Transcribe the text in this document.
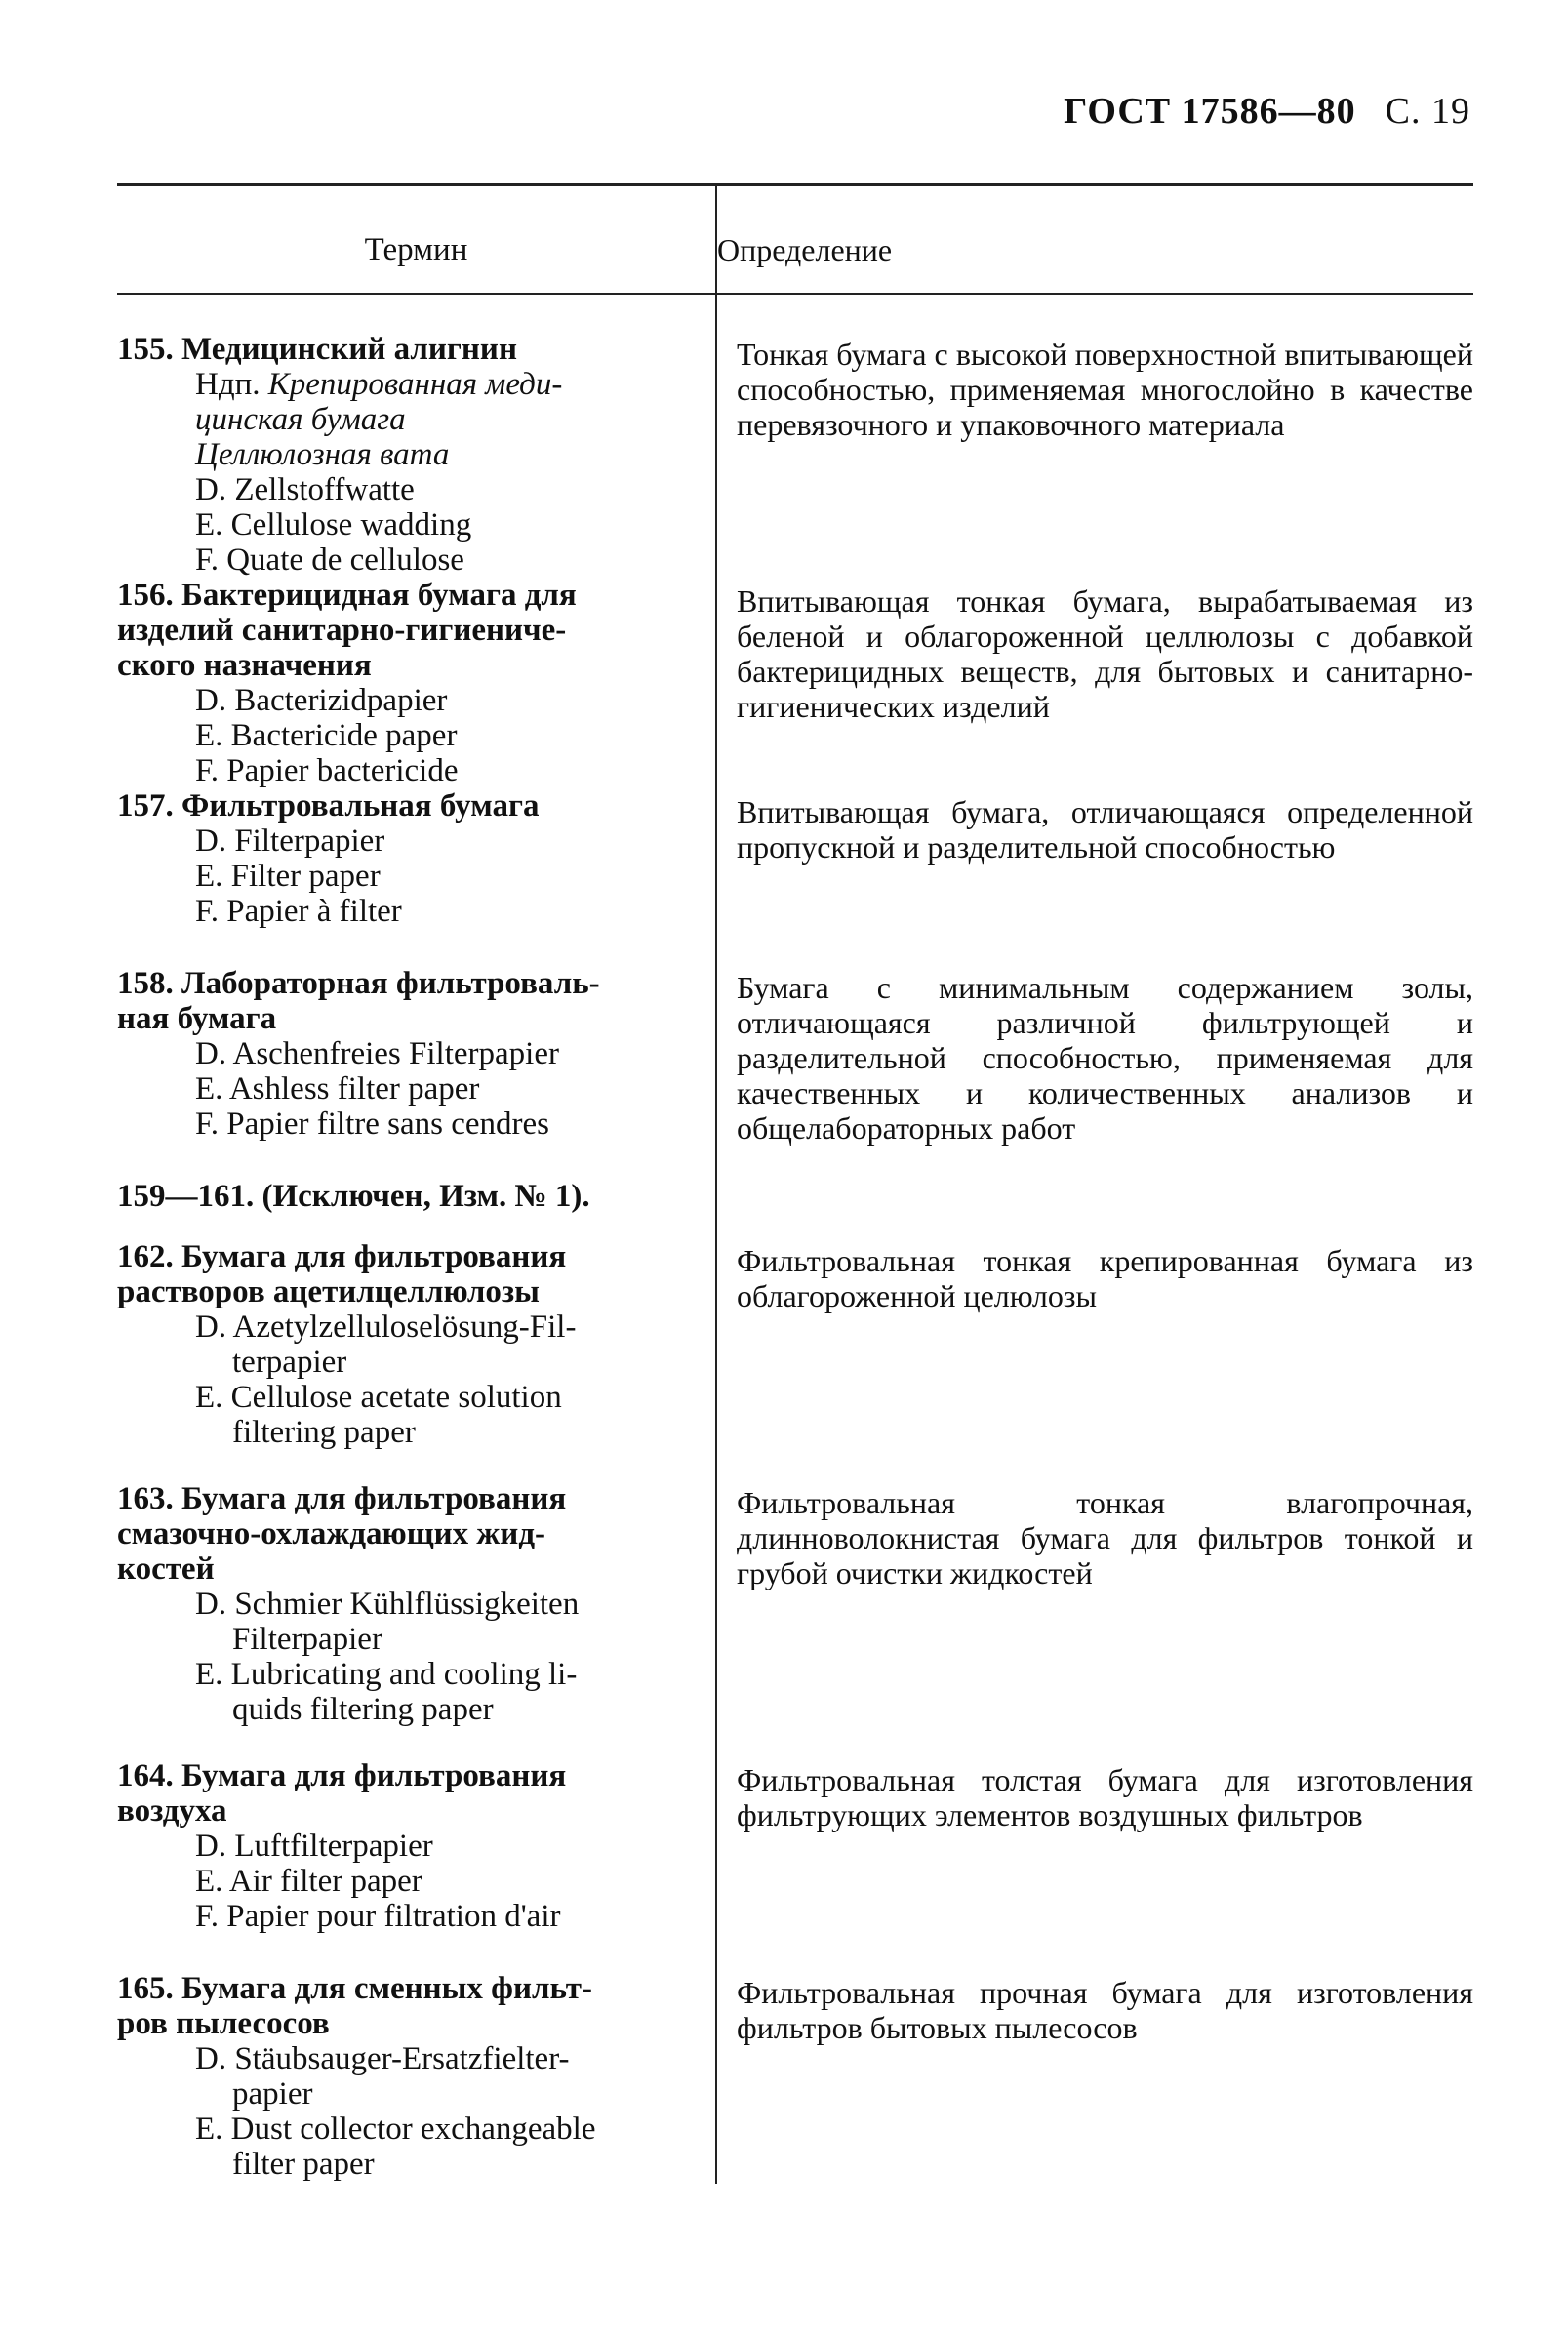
ГОСТ 17586—80 С. 19
Термин	Определение
155. Медицинский алигнин
Ндп. Крепированная меди-
цинская бумага
Целлюлозная вата
D. Zellstoffwatte
E. Cellulose wadding
F. Quate de cellulose
Тонкая бумага с высокой поверхностной впитывающей способностью, применяемая многослойно в качестве перевязочного и упаковочного материала
156. Бактерицидная бумага для
изделий санитарно-гигиениче-
ского назначения
D. Bacterizidpapier
E. Bactericide paper
F. Papier bactericide
Впитывающая тонкая бумага, вырабатываемая из беленой и облагороженной целлюлозы с добавкой бактерицидных веществ, для бытовых и санитарно-гигиенических изделий
157. Фильтровальная бумага
D. Filterpapier
E. Filter paper
F. Papier à filter
Впитывающая бумага, отличающаяся определенной пропускной и разделительной способностью
158. Лабораторная фильтроваль-
ная бумага
D. Aschenfreies Filterpapier
E. Ashless filter paper
F. Papier filtre sans cendres
Бумага с минимальным содержанием золы, отличающаяся различной фильтрующей и разделительной способностью, применяемая для качественных и количественных анализов и общелабораторных работ
159—161. (Исключен, Изм. № 1).
162. Бумага для фильтрования
растворов ацетилцеллюлозы
D. Azetylzelluloselösung-Fil-
terpapier
E. Cellulose acetate solution
filtering paper
Фильтровальная тонкая крепированная бумага из облагороженной целюлозы
163. Бумага для фильтрования
смазочно-охлаждающих жид-
костей
D. Schmier Kühlflüssigkeiten
Filterpapier
E. Lubricating and cooling li-
quids filtering paper
Фильтровальная тонкая влагопрочная, длинноволокнистая бумага для фильтров тонкой и грубой очистки жидкостей
164. Бумага для фильтрования
воздуха
D. Luftfilterpapier
E. Air filter paper
F. Papier pour filtration d'air
Фильтровальная толстая бумага для изготовления фильтрующих элементов воздушных фильтров
165. Бумага для сменных фильт-
ров пылесосов
D. Stäubsauger-Ersatzfielter-
papier
E. Dust collector exchangeable
filter paper
Фильтровальная прочная бумага для изготовления фильтров бытовых пылесосов
